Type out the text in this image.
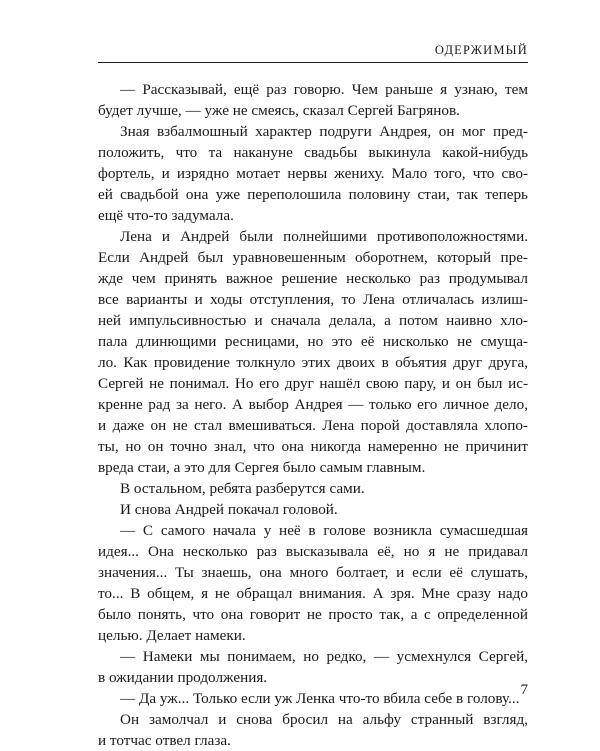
ОДЕРЖИМЫЙ
— Рассказывай, ещё раз говорю. Чем раньше я узнаю, тем
будет лучше, — уже не смеясь, сказал Сергей Багрянов.
Зная взбалмошный характер подруги Андрея, он мог пред-
положить, что та накануне свадьбы выкинула какой-нибудь
фортель, и изрядно мотает нервы жениху. Мало того, что сво-
ей свадьбой она уже переполошила половину стаи, так теперь
ещё что-то задумала.
Лена и Андрей были полнейшими противоположностями.
Если Андрей был уравновешенным оборотнем, который пре-
жде чем принять важное решение несколько раз продумывал
все варианты и ходы отступления, то Лена отличалась излиш-
ней импульсивностью и сначала делала, а потом наивно хло-
пала длинющими ресницами, но это её нисколько не смуща-
ло. Как провидение толкнуло этих двоих в объятия друг друга,
Сергей не понимал. Но его друг нашёл свою пару, и он был ис-
кренне рад за него. А выбор Андрея — только его личное дело,
и даже он не стал вмешиваться. Лена порой доставляла хлопо-
ты, но он точно знал, что она никогда намеренно не причинит
вреда стаи, а это для Сергея было самым главным.
В остальном, ребята разберутся сами.
И снова Андрей покачал головой.
— С самого начала у неё в голове возникла сумасшедшая
идея... Она несколько раз высказывала её, но я не придавал
значения... Ты знаешь, она много болтает, и если её слушать,
то... В общем, я не обращал внимания. А зря. Мне сразу надо
было понять, что она говорит не просто так, а с определенной
целью. Делает намеки.
— Намеки мы понимаем, но редко, — усмехнулся Сергей,
в ожидании продолжения.
— Да уж... Только если уж Ленка что-то вбила себе в голову...
Он замолчал и снова бросил на альфу странный взгляд,
и тотчас отвел глаза.
7
